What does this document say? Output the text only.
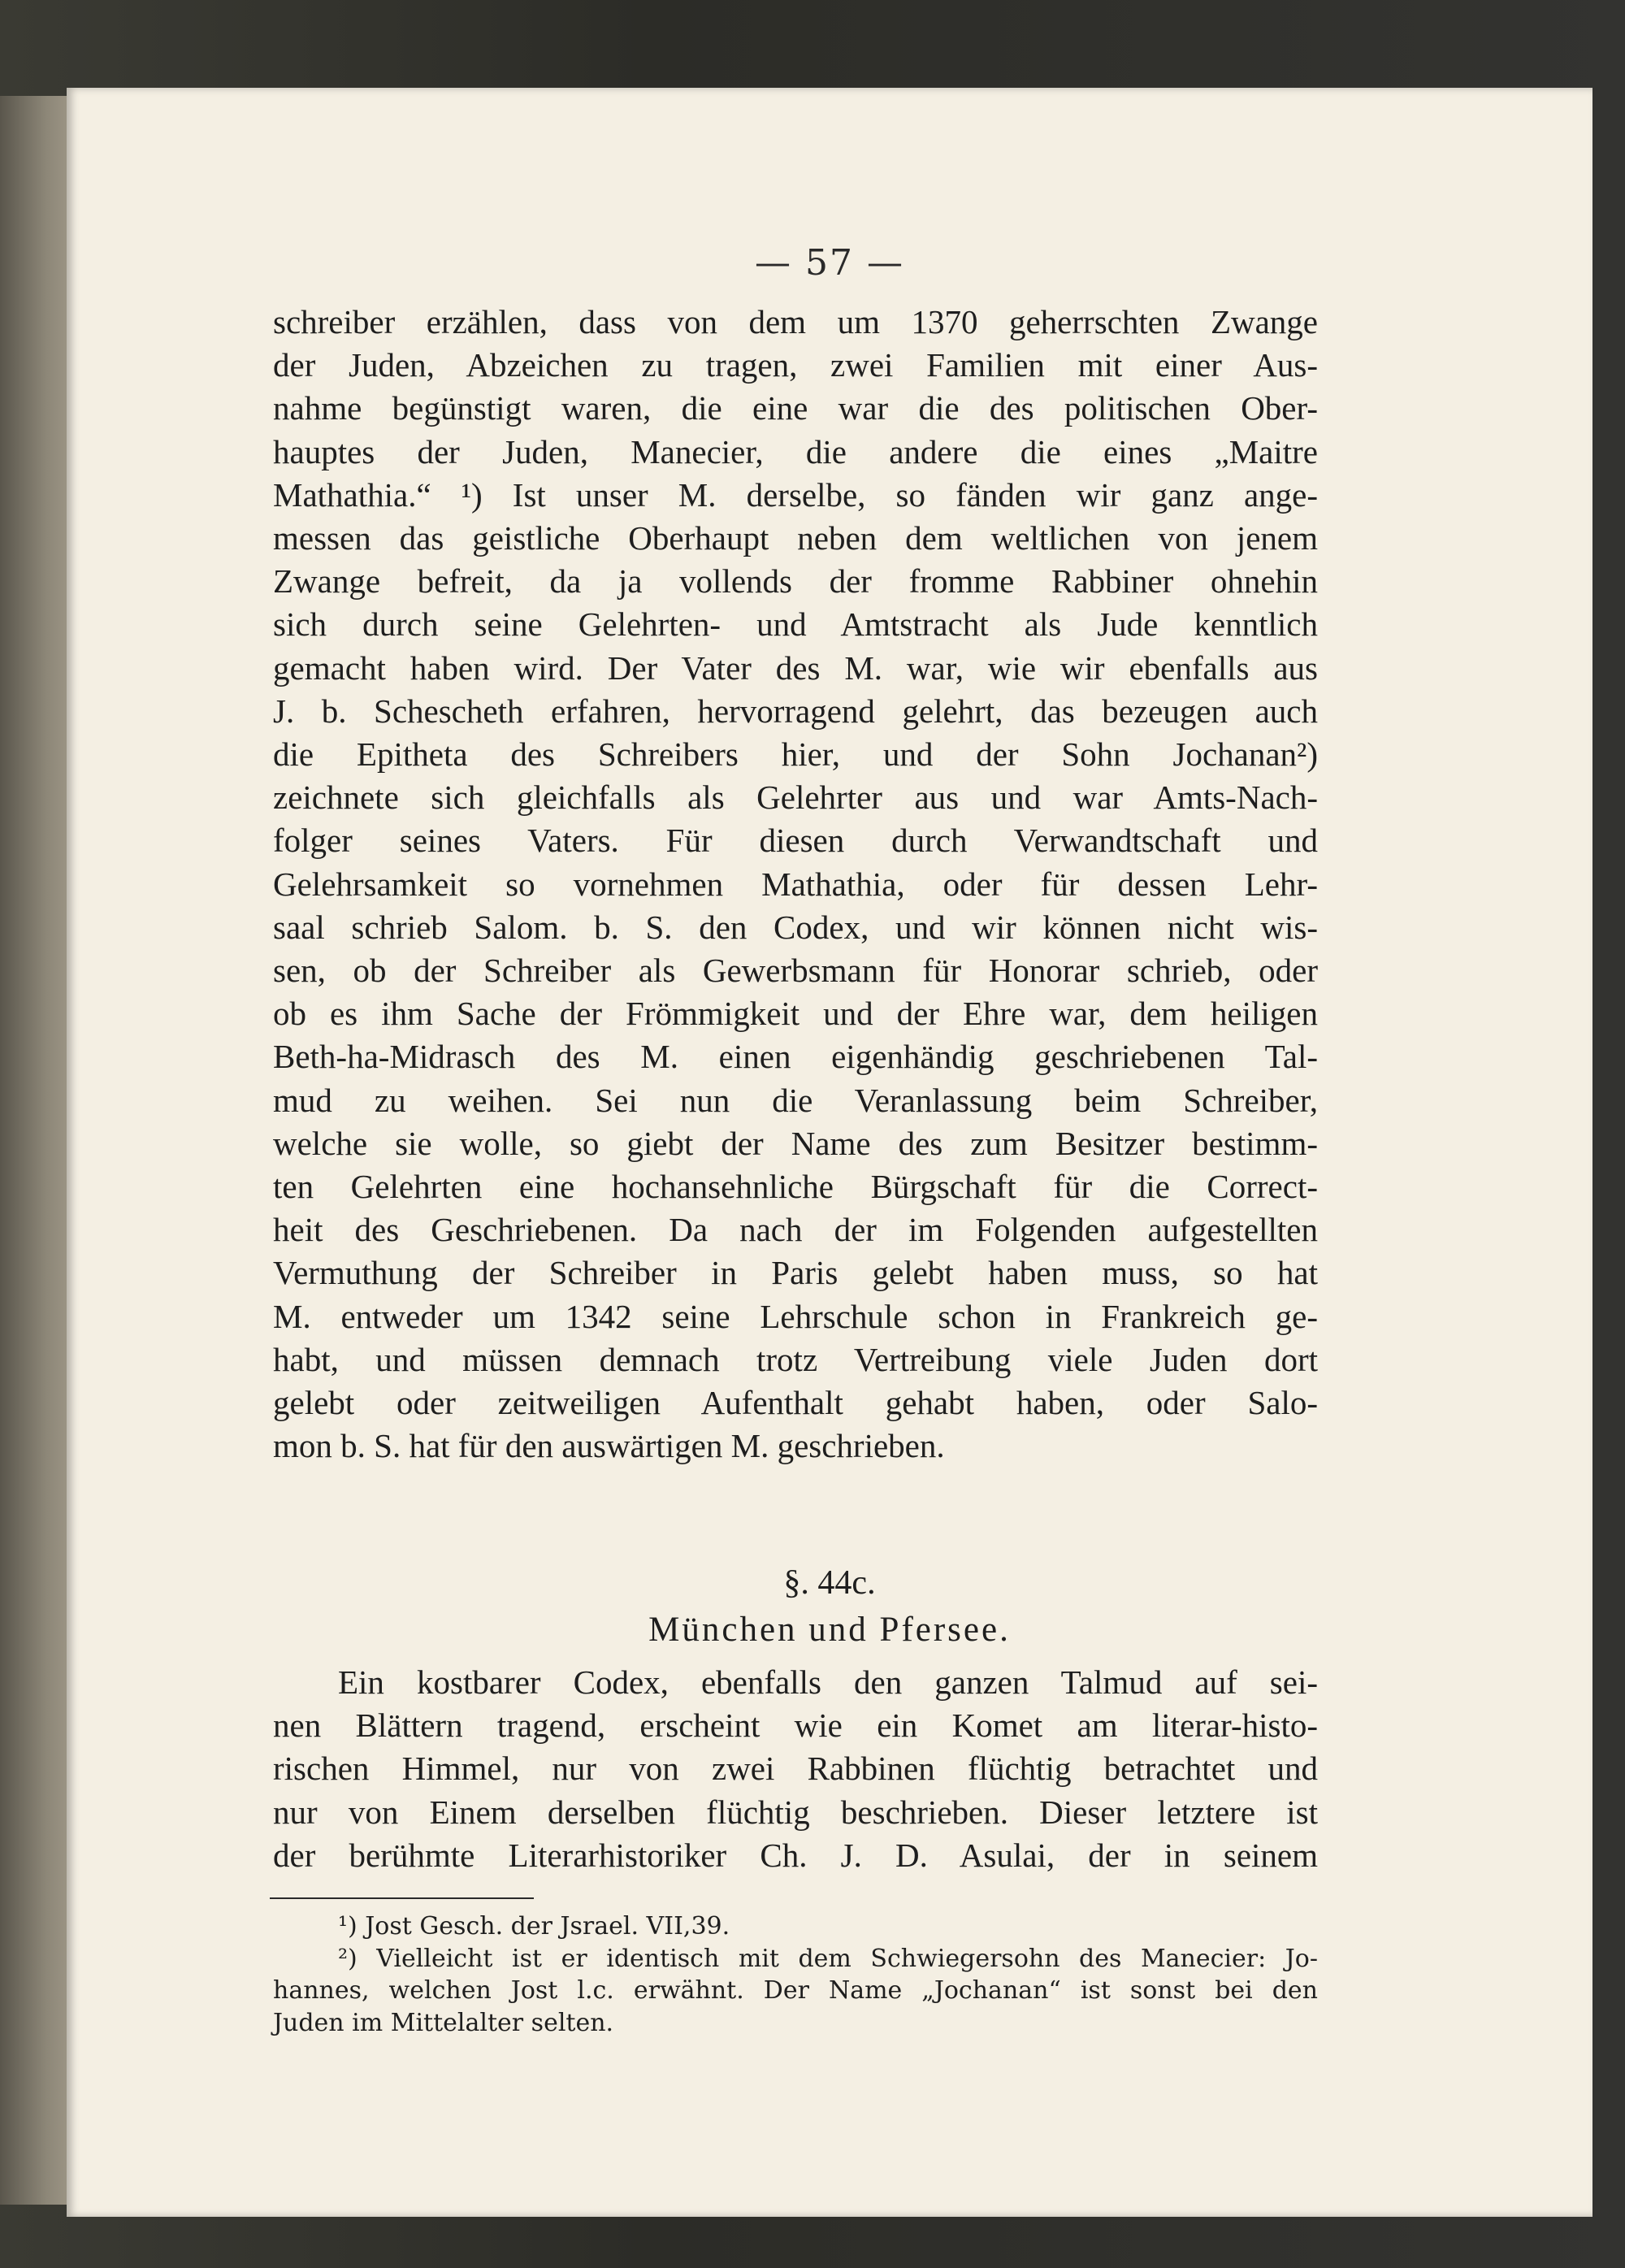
— 57 —
schreiber erzählen, dass von dem um 1370 geherrschten Zwange
der Juden, Abzeichen zu tragen, zwei Familien mit einer Aus-
nahme begünstigt waren, die eine war die des politischen Ober-
hauptes der Juden, Manecier, die andere die eines „Maitre
Mathathia.“ ¹) Ist unser M. derselbe, so fänden wir ganz ange-
messen das geistliche Oberhaupt neben dem weltlichen von jenem
Zwange befreit, da ja vollends der fromme Rabbiner ohnehin
sich durch seine Gelehrten- und Amtstracht als Jude kenntlich
gemacht haben wird. Der Vater des M. war, wie wir ebenfalls aus
J. b. Schescheth erfahren, hervorragend gelehrt, das bezeugen auch
die Epitheta des Schreibers hier, und der Sohn Jochanan²)
zeichnete sich gleichfalls als Gelehrter aus und war Amts-Nach-
folger seines Vaters. Für diesen durch Verwandtschaft und
Gelehrsamkeit so vornehmen Mathathia, oder für dessen Lehr-
saal schrieb Salom. b. S. den Codex, und wir können nicht wis-
sen, ob der Schreiber als Gewerbsmann für Honorar schrieb, oder
ob es ihm Sache der Frömmigkeit und der Ehre war, dem heiligen
Beth-ha-Midrasch des M. einen eigenhändig geschriebenen Tal-
mud zu weihen. Sei nun die Veranlassung beim Schreiber,
welche sie wolle, so giebt der Name des zum Besitzer bestimm-
ten Gelehrten eine hochansehnliche Bürgschaft für die Correct-
heit des Geschriebenen. Da nach der im Folgenden aufgestellten
Vermuthung der Schreiber in Paris gelebt haben muss, so hat
M. entweder um 1342 seine Lehrschule schon in Frankreich ge-
habt, und müssen demnach trotz Vertreibung viele Juden dort
gelebt oder zeitweiligen Aufenthalt gehabt haben, oder Salo-
mon b. S. hat für den auswärtigen M. geschrieben.
§. 44c.
München und Pfersee.
Ein kostbarer Codex, ebenfalls den ganzen Talmud auf sei-
nen Blättern tragend, erscheint wie ein Komet am literar-histo-
rischen Himmel, nur von zwei Rabbinen flüchtig betrachtet und
nur von Einem derselben flüchtig beschrieben. Dieser letztere ist
der berühmte Literarhistoriker Ch. J. D. Asulai, der in seinem
¹) Jost Gesch. der Jsrael. VII,39.
²) Vielleicht ist er identisch mit dem Schwiegersohn des Manecier: Jo-
hannes, welchen Jost l.c. erwähnt. Der Name „Jochanan“ ist sonst bei den
Juden im Mittelalter selten.
